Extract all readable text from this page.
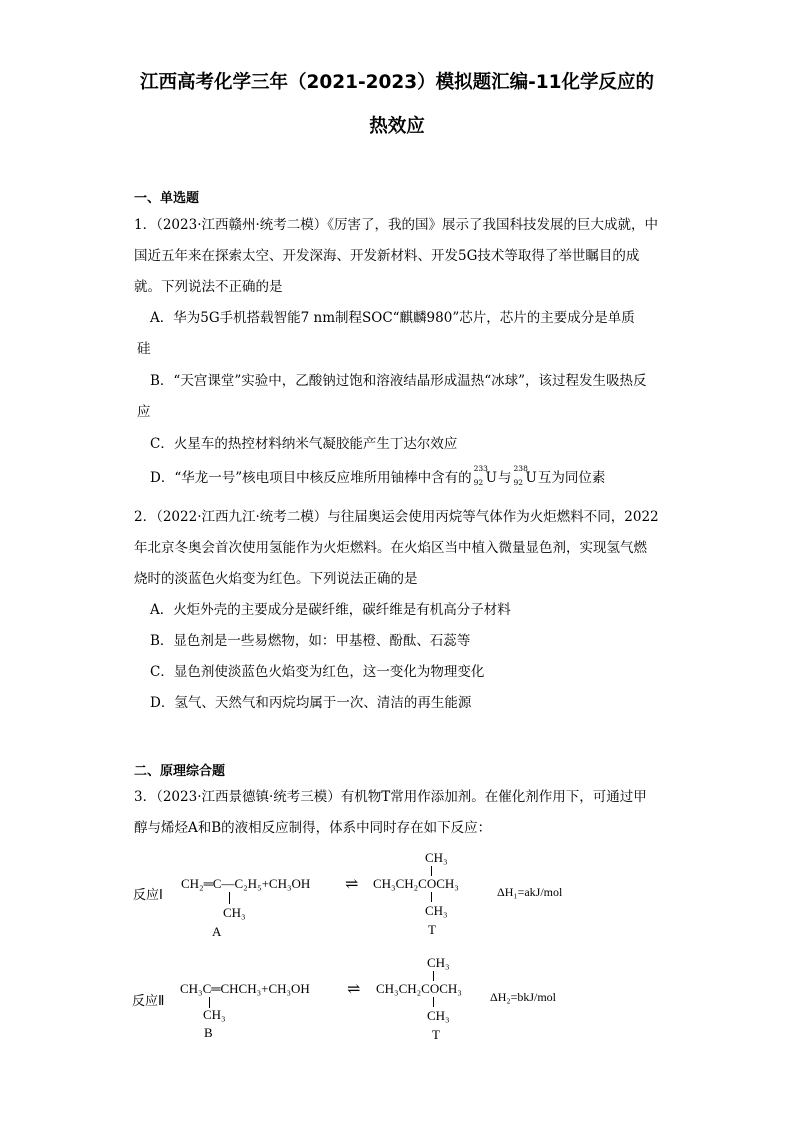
江西高考化学三年（2021-2023）模拟题汇编-11化学反应的
热效应
一、单选题
1．（2023·江西赣州·统考二模）《厉害了，我的国》展示了我国科技发展的巨大成就，中
国近五年来在探索太空、开发深海、开发新材料、开发5G技术等取得了举世瞩目的成
就。下列说法不正确的是
A．华为5G手机搭载智能7 nm制程SOC“麒麟980”芯片，芯片的主要成分是单质
硅
B．“天宫课堂”实验中，乙酸钠过饱和溶液结晶形成温热“冰球”，该过程发生吸热反
应
C．火星车的热控材料纳米气凝胶能产生丁达尔效应
D．“华龙一号”核电项目中核反应堆所用铀棒中含有的
233
92 U与
238
92 U互为同位素
2．（2022·江西九江·统考二模）与往届奥运会使用丙烷等气体作为火炬燃料不同，2022
年北京冬奥会首次使用氢能作为火炬燃料。在火焰区当中植入微量显色剂，实现氢气燃
烧时的淡蓝色火焰变为红色。下列说法正确的是
A．火炬外壳的主要成分是碳纤维，碳纤维是有机高分子材料
B．显色剂是一些易燃物，如：甲基橙、酚酞、石蕊等
C．显色剂使淡蓝色火焰变为红色，这一变化为物理变化
D．氢气、天然气和丙烷均属于一次、清洁的再生能源
二、原理综合题
3．（2023·江西景德镇·统考三模）有机物T常用作添加剂。在催化剂作用下，可通过甲
醇与烯烃A和B的液相反应制得，体系中同时存在如下反应：
反应Ⅰ
CH₂═C—C₂H₅+CH₃OH
CH₃
A
⇌
CH₃
CH₃CH₂COCH₃
CH₃
T
ΔH₁=akJ/mol
反应Ⅱ
CH₃C═CHCH₃+CH₃OH
CH₃
B
⇌
CH₃
CH₃CH₂COCH₃
CH₃
T
ΔH₂=bkJ/mol
